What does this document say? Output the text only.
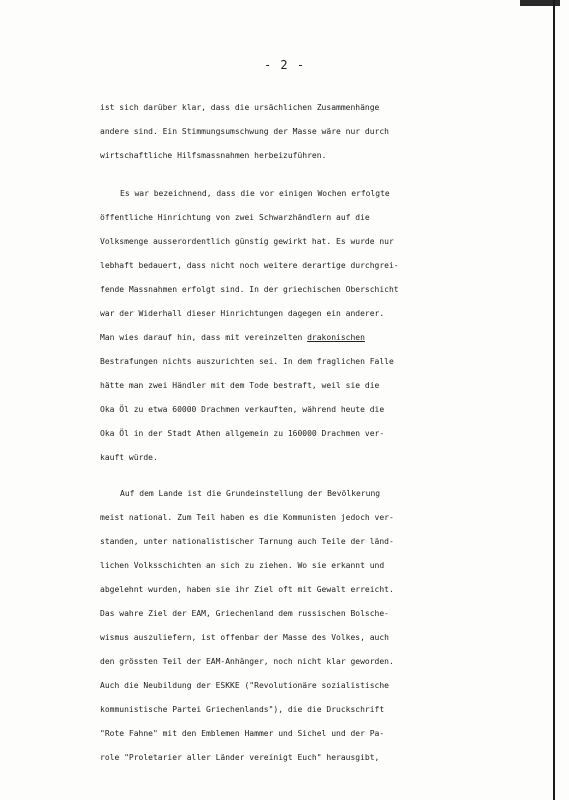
- 2 -
ist sich darüber klar, dass die ursächlichen Zusammenhänge
andere sind. Ein Stimmungsumschwung der Masse wäre nur durch
wirtschaftliche Hilfsmassnahmen herbeizuführen.
Es war bezeichnend, dass die vor einigen Wochen erfolgte
öffentliche Hinrichtung von zwei Schwarzhändlern auf die
Volksmenge ausserordentlich günstig gewirkt hat. Es wurde nur
lebhaft bedauert, dass nicht noch weitere derartige durchgrei-
fende Massnahmen erfolgt sind. In der griechischen Oberschicht
war der Widerhall dieser Hinrichtungen dagegen ein anderer.
Man wies darauf hin, dass mit vereinzelten drakonischen
Bestrafungen nichts auszurichten sei. In dem fraglichen Falle
hätte man zwei Händler mit dem Tode bestraft, weil sie die
Oka Öl zu etwa 60000 Drachmen verkauften, während heute die
Oka Öl in der Stadt Athen allgemein zu 160000 Drachmen ver-
kauft würde.
Auf dem Lande ist die Grundeinstellung der Bevölkerung
meist national. Zum Teil haben es die Kommunisten jedoch ver-
standen, unter nationalistischer Tarnung auch Teile der länd-
lichen Volksschichten an sich zu ziehen. Wo sie erkannt und
abgelehnt wurden, haben sie ihr Ziel oft mit Gewalt erreicht.
Das wahre Ziel der EAM, Griechenland dem russischen Bolsche-
wismus auszuliefern, ist offenbar der Masse des Volkes, auch
den grössten Teil der EAM-Anhänger, noch nicht klar geworden.
Auch die Neubildung der ESKKE ("Revolutionäre sozialistische
kommunistische Partei Griechenlands"), die die Druckschrift
"Rote Fahne" mit den Emblemen Hammer und Sichel und der Pa-
role "Proletarier aller Länder vereinigt Euch" herausgibt,
